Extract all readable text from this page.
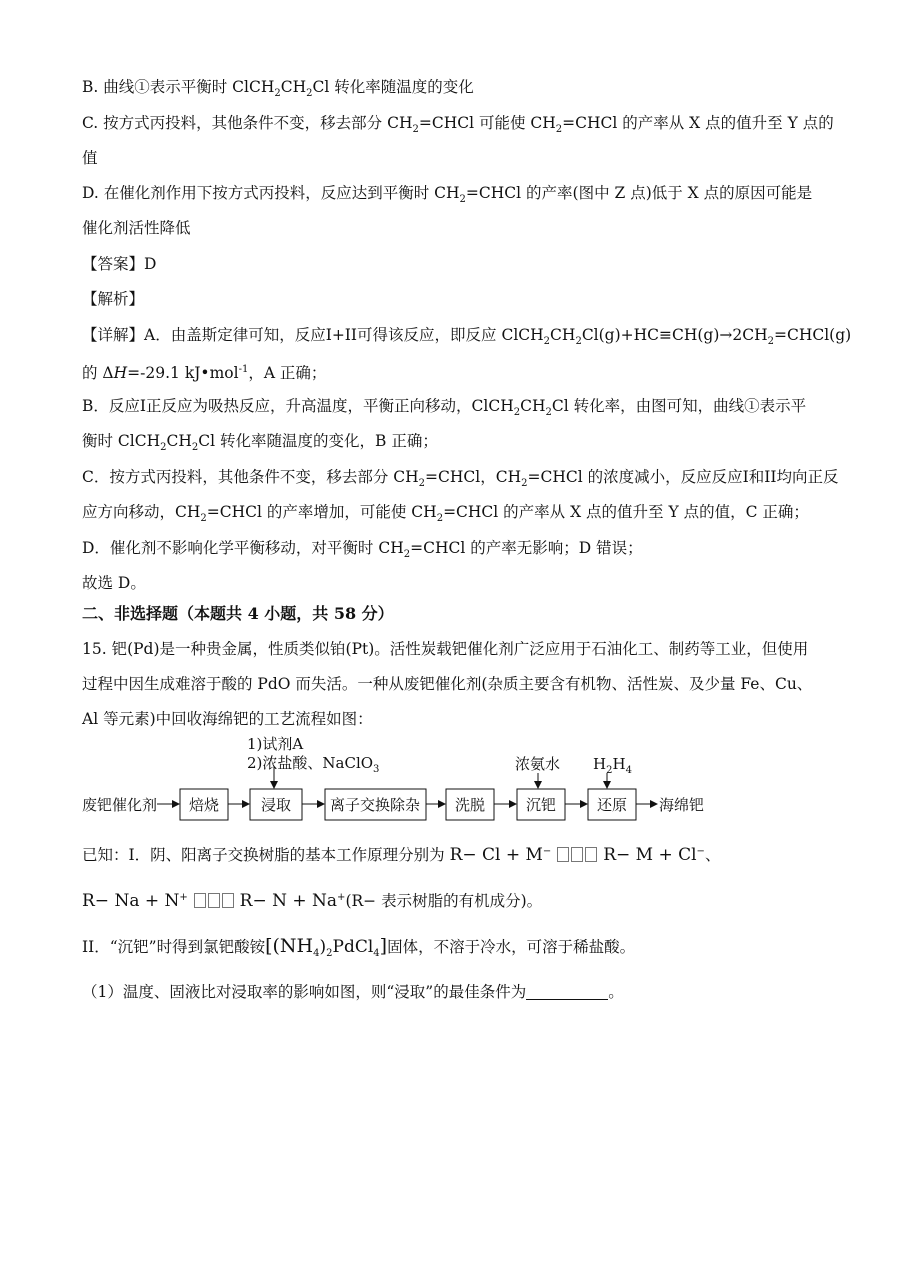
B. 曲线①表示平衡时 $ClCH_2CH_2Cl$ 转化率随温度的变化
C. 按方式丙投料，其他条件不变，移去部分 $CH_2=CHCl$ 可能使 $CH_2=CHCl$ 的产率从 X 点的值升至 Y 点的
值
D. 在催化剂作用下按方式丙投料，反应达到平衡时 $CH_2=CHCl$ 的产率(图中 Z 点)低于 X 点的原因可能是
催化剂活性降低
【答案】D
【解析】
【详解】A．由盖斯定律可知，反应I+II可得该反应，即反应 $ClCH_2CH_2Cl(g)+HC\equiv CH(g)\to 2CH_2=CHCl(g)$
的 ΔH=-29.1 kJ•mol$^{-1}$，A 正确；
B．反应I正反应为吸热反应，升高温度，平衡正向移动，$ClCH_2CH_2Cl$ 转化率，由图可知，曲线①表示平
衡时 $ClCH_2CH_2Cl$ 转化率随温度的变化，B 正确；
C．按方式丙投料，其他条件不变，移去部分 $CH_2=CHCl$，$CH_2=CHCl$ 的浓度减小，反应反应I和II均向正反
应方向移动，$CH_2=CHCl$ 的产率增加，可能使 $CH_2=CHCl$ 的产率从 X 点的值升至 Y 点的值，C 正确；
D．催化剂不影响化学平衡移动，对平衡时 $CH_2=CHCl$ 的产率无影响；D 错误；
故选 D。
二、非选择题（本题共 4 小题，共 58 分）
15. 钯(Pd)是一种贵金属，性质类似铂(Pt)。活性炭载钯催化剂广泛应用于石油化工、制药等工业，但使用
过程中因生成难溶于酸的 PdO 而失活。一种从废钯催化剂(杂质主要含有机物、活性炭、及少量 Fe、Cu、
Al 等元素)中回收海绵钯的工艺流程如图：
废钯催化剂 焙烧	浸取	离子交换除杂 洗脱	沉钯	还原 海绵钯
1)试剂A
2)浓盐酸、NaClO$_3$	浓氨水 $H_2H_4$
已知：I．阴、阳离子交换树脂的基本工作原理分别为 R− Cl + M−	R− M + Cl−、
R− Na + N+	R− N + Na+(R− 表示树脂的有机成分)。
II．“沉钯”时得到氯钯酸铵$[(NH_4)_2PdCl_4]$固体，不溶于冷水，可溶于稀盐酸。
（1）温度、固液比对浸取率的影响如图，则“浸取”的最佳条件为	。
